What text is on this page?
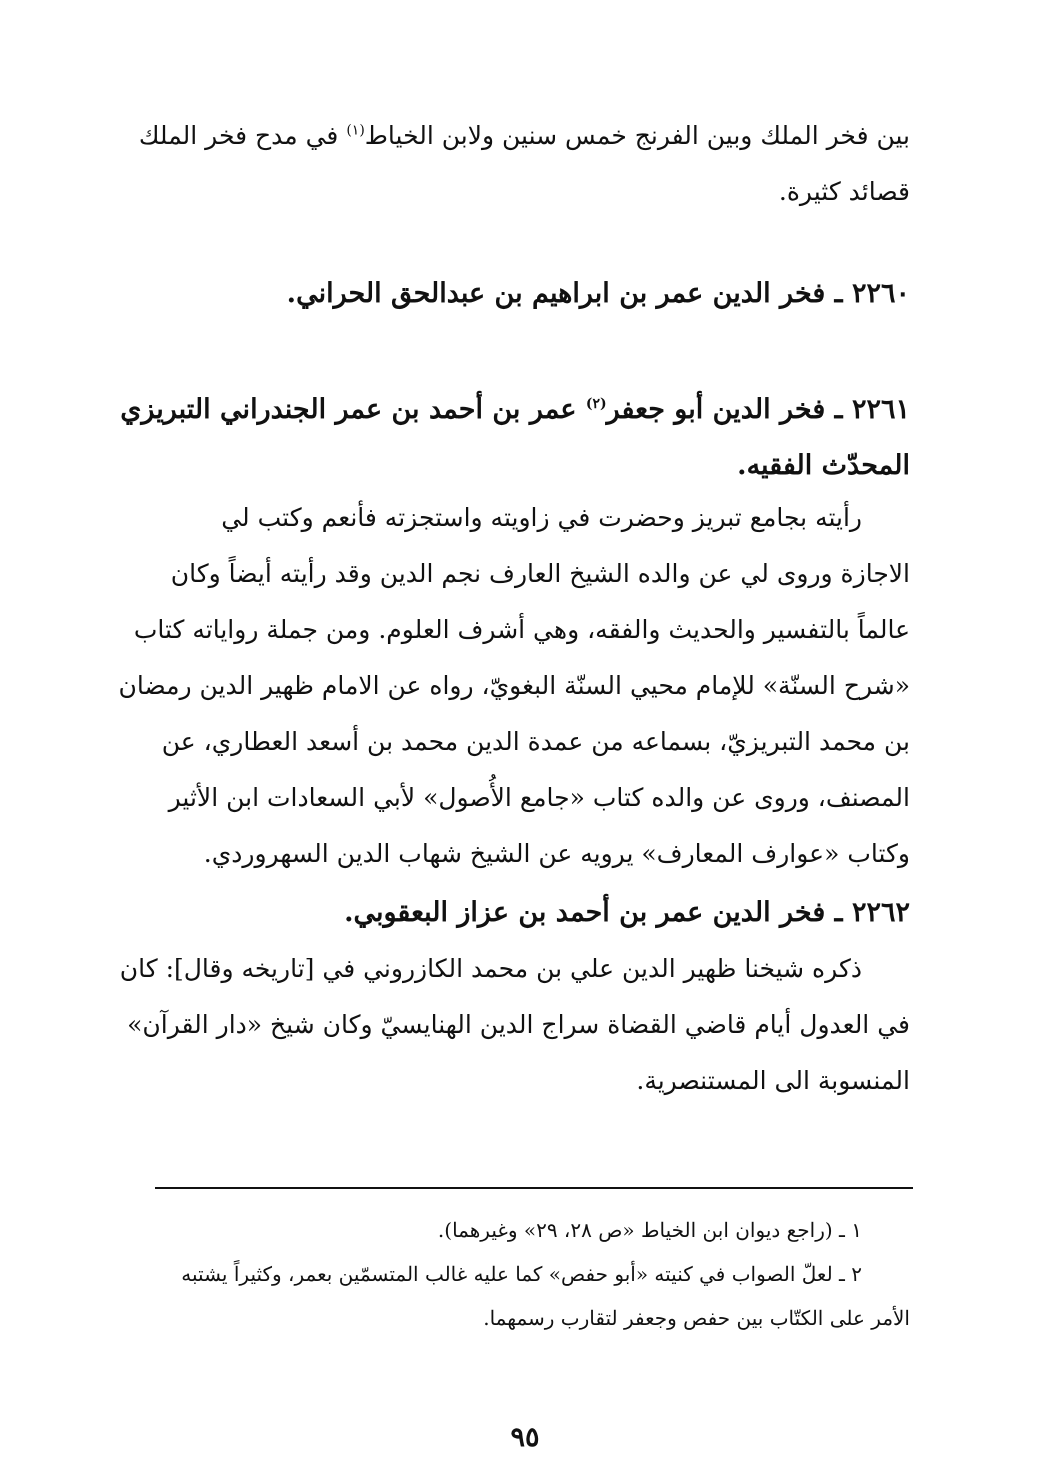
بين فخر الملك وبين الفرنج خمس سنين ولابن الخياط$^{(١)}$ في مدح فخر الملك
قصائد كثيرة.
٢٢٦٠ ـ فخر الدين عمر بن ابراهيم بن عبدالحق الحراني.
٢٢٦١ ـ فخر الدين أبو جعفر$^{(٢)}$ عمر بن أحمد بن عمر الجندراني التبريزي
المحدّث الفقيه.
رأيته بجامع تبريز وحضرت في زاويته واستجزته فأنعم وكتب لي
الاجازة وروى لي عن والده الشيخ العارف نجم الدين وقد رأيته أيضاً وكان
عالماً بالتفسير والحديث والفقه، وهي أشرف العلوم. ومن جملة رواياته كتاب
«شرح السنّة» للإمام محيي السنّة البغويّ، رواه عن الامام ظهير الدين رمضان
بن محمد التبريزيّ، بسماعه من عمدة الدين محمد بن أسعد العطاري، عن
المصنف، وروى عن والده كتاب «جامع الأُصول» لأبي السعادات ابن الأثير
وكتاب «عوارف المعارف» يرويه عن الشيخ شهاب الدين السهروردي.
٢٢٦٢ ـ فخر الدين عمر بن أحمد بن عزاز البعقوبي.
ذكره شيخنا ظهير الدين علي بن محمد الكازروني في [تاريخه وقال]: كان
في العدول أيام قاضي القضاة سراج الدين الهنايسيّ وكان شيخ «دار القرآن»
المنسوبة الى المستنصرية.
١ ـ (راجع ديوان ابن الخياط «ص ٢٨، ٢٩» وغيرهما).
٢ ـ لعلّ الصواب في كنيته «أبو حفص» كما عليه غالب المتسمّين بعمر، وكثيراً يشتبه
الأمر على الكتّاب بين حفص وجعفر لتقارب رسمهما.
٩٥
